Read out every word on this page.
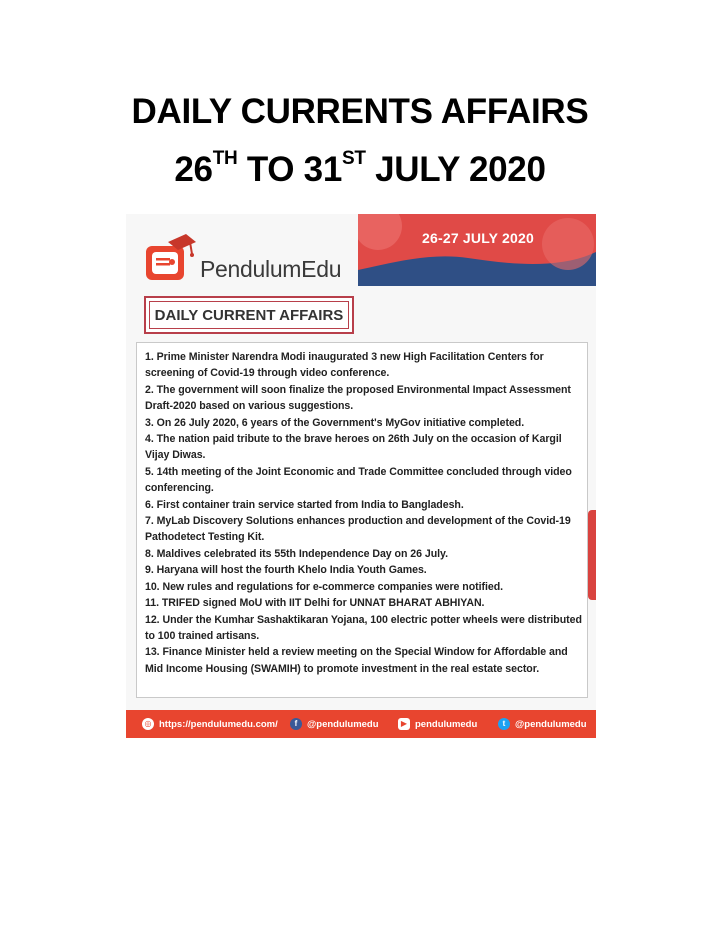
DAILY CURRENTS AFFAIRS
26TH TO 31ST JULY 2020
PendulumEdu
26-27 JULY 2020
DAILY CURRENT AFFAIRS
1. Prime Minister Narendra Modi inaugurated 3 new High Facilitation Centers for screening of Covid-19 through video conference.
2. The government will soon finalize the proposed Environmental Impact Assessment Draft-2020 based on various suggestions.
3. On 26 July 2020, 6 years of the Government's MyGov initiative completed.
4. The nation paid tribute to the brave heroes on 26th July on the occasion of Kargil Vijay Diwas.
5. 14th meeting of the Joint Economic and Trade Committee concluded through video conferencing.
6. First container train service started from India to Bangladesh.
7. MyLab Discovery Solutions enhances production and development of the Covid-19 Pathodetect Testing Kit.
8. Maldives celebrated its 55th Independence Day on 26 July.
9. Haryana will host the fourth Khelo India Youth Games.
10. New rules and regulations for e-commerce companies were notified.
11. TRIFED signed MoU with IIT Delhi for UNNAT BHARAT ABHIYAN.
12. Under the Kumhar Sashaktikaran Yojana, 100 electric potter wheels were distributed to 100 trained artisans.
13. Finance Minister held a review meeting on the Special Window for Affordable and Mid Income Housing (SWAMIH) to promote investment in the real estate sector.
◎ https://pendulumedu.com/	f	@pendulumedu	▶ pendulumedu	t	@pendulumedu
